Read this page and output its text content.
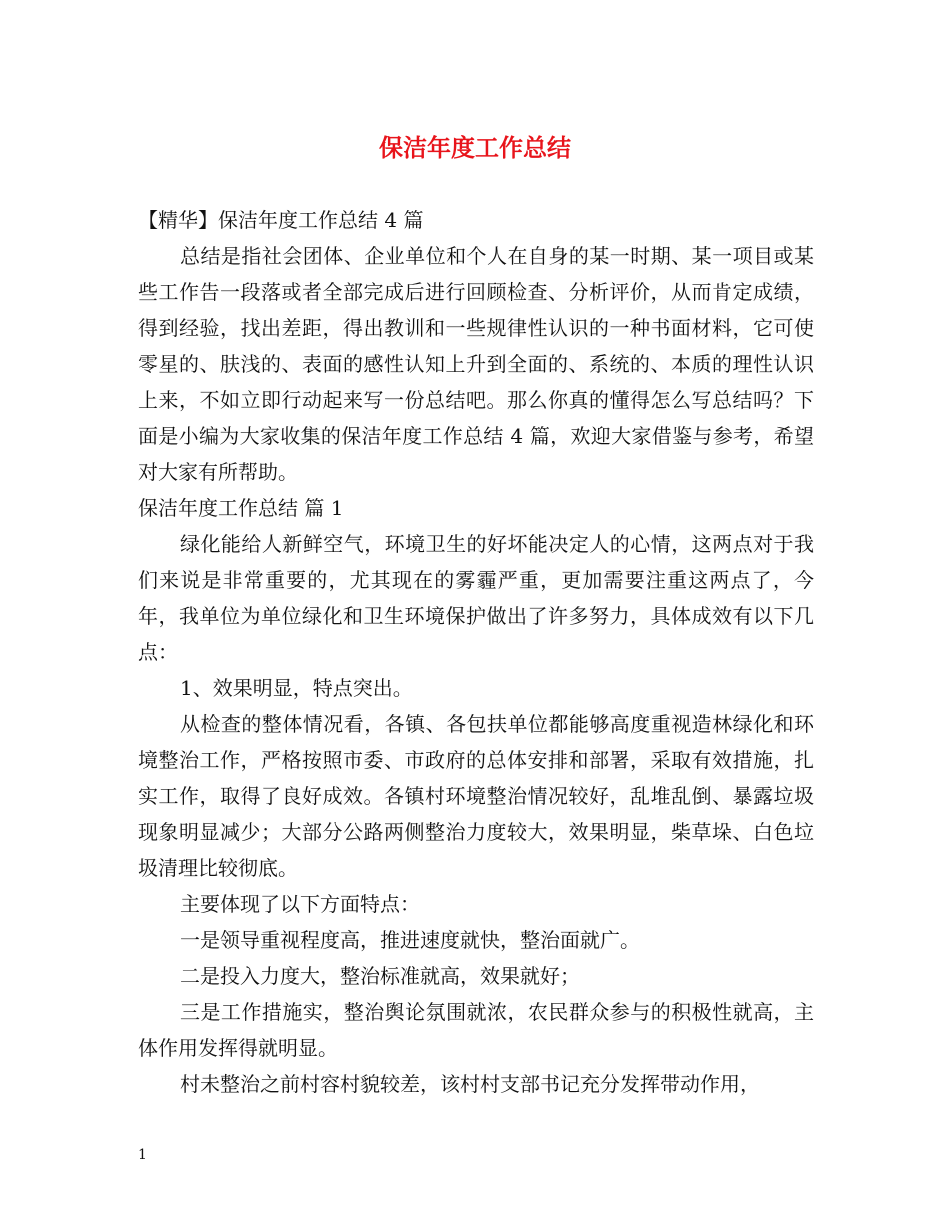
保洁年度工作总结

【精华】保洁年度工作总结 4 篇

总结是指社会团体、企业单位和个人在自身的某一时期、某一项目或某些工作告一段落或者全部完成后进行回顾检查、分析评价，从而肯定成绩，得到经验，找出差距，得出教训和一些规律性认识的一种书面材料，它可使零星的、肤浅的、表面的感性认知上升到全面的、系统的、本质的理性认识上来，不如立即行动起来写一份总结吧。那么你真的懂得怎么写总结吗？下面是小编为大家收集的保洁年度工作总结 4 篇，欢迎大家借鉴与参考，希望对大家有所帮助。

保洁年度工作总结 篇 1

绿化能给人新鲜空气，环境卫生的好坏能决定人的心情，这两点对于我们来说是非常重要的，尤其现在的雾霾严重，更加需要注重这两点了，今年，我单位为单位绿化和卫生环境保护做出了许多努力，具体成效有以下几点：

1、效果明显，特点突出。

从检查的整体情况看，各镇、各包扶单位都能够高度重视造林绿化和环境整治工作，严格按照市委、市政府的总体安排和部署，采取有效措施，扎实工作，取得了良好成效。各镇村环境整治情况较好，乱堆乱倒、暴露垃圾现象明显减少；大部分公路两侧整治力度较大，效果明显，柴草垛、白色垃圾清理比较彻底。

主要体现了以下方面特点：

一是领导重视程度高，推进速度就快，整治面就广。

二是投入力度大，整治标准就高，效果就好；

三是工作措施实，整治舆论氛围就浓，农民群众参与的积极性就高，主体作用发挥得就明显。

村未整治之前村容村貌较差，该村村支部书记充分发挥带动作用，

1
